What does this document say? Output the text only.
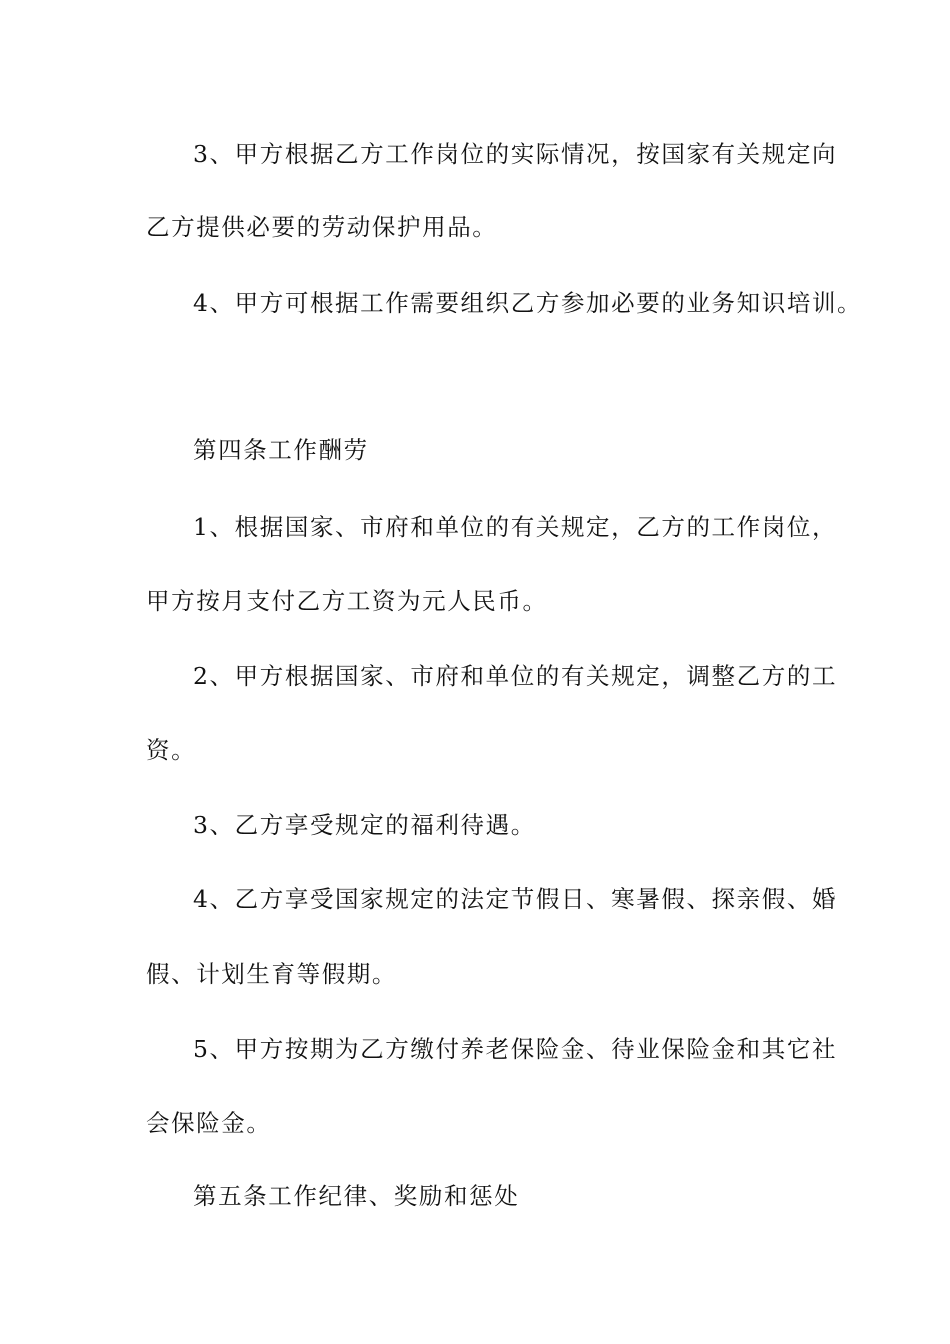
3、甲方根据乙方工作岗位的实际情况，按国家有关规定向
乙方提供必要的劳动保护用品。
4、甲方可根据工作需要组织乙方参加必要的业务知识培训。
第四条工作酬劳
1、根据国家、市府和单位的有关规定，乙方的工作岗位，
甲方按月支付乙方工资为元人民币。
2、甲方根据国家、市府和单位的有关规定，调整乙方的工
资。
3、乙方享受规定的福利待遇。
4、乙方享受国家规定的法定节假日、寒暑假、探亲假、婚
假、计划生育等假期。
5、甲方按期为乙方缴付养老保险金、待业保险金和其它社
会保险金。
第五条工作纪律、奖励和惩处
